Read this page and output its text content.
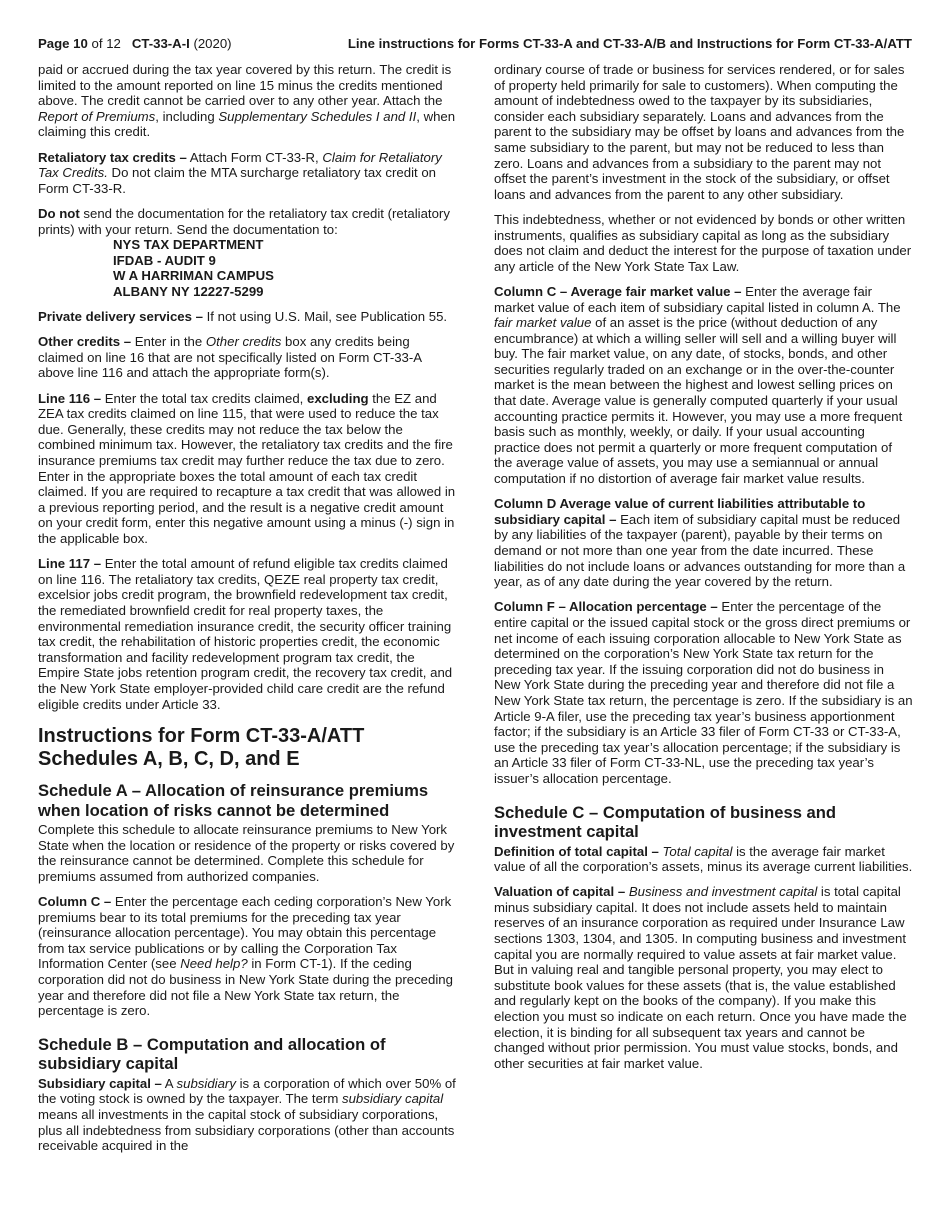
Page 10 of 12 CT-33-A-I (2020)	Line instructions for Forms CT-33-A and CT-33-A/B and Instructions for Form CT-33-A/ATT

paid or accrued during the tax year covered by this return. The credit is limited to the amount reported on line 15 minus the credits mentioned above. The credit cannot be carried over to any other year. Attach the Report of Premiums, including Supplementary Schedules I and II, when claiming this credit.

Retaliatory tax credits – Attach Form CT-33-R, Claim for Retaliatory Tax Credits. Do not claim the MTA surcharge retaliatory tax credit on Form CT-33-R.

Do not send the documentation for the retaliatory tax credit (retaliatory prints) with your return. Send the documentation to:

NYS TAX DEPARTMENT
IFDAB - AUDIT 9
W A HARRIMAN CAMPUS
ALBANY NY 12227-5299

Private delivery services – If not using U.S. Mail, see Publication 55.

Other credits – Enter in the Other credits box any credits being claimed on line 16 that are not specifically listed on Form CT-33-A above line 116 and attach the appropriate form(s).

Line 116 – Enter the total tax credits claimed, excluding the EZ and ZEA tax credits claimed on line 115, that were used to reduce the tax due. Generally, these credits may not reduce the tax below the combined minimum tax. However, the retaliatory tax credits and the fire insurance premiums tax credit may further reduce the tax due to zero. Enter in the appropriate boxes the total amount of each tax credit claimed. If you are required to recapture a tax credit that was allowed in a previous reporting period, and the result is a negative credit amount on your credit form, enter this negative amount using a minus (-) sign in the applicable box.

Line 117 – Enter the total amount of refund eligible tax credits claimed on line 116. The retaliatory tax credits, QEZE real property tax credit, excelsior jobs credit program, the brownfield redevelopment tax credit, the remediated brownfield credit for real property taxes, the environmental remediation insurance credit, the security officer training tax credit, the rehabilitation of historic properties credit, the economic transformation and facility redevelopment program tax credit, the Empire State jobs retention program credit, the recovery tax credit, and the New York State employer-provided child care credit are the refund eligible credits under Article 33.

Instructions for Form CT-33-A/ATT
Schedules A, B, C, D, and E
Schedule A – Allocation of reinsurance premiums when location of risks cannot be determined

Complete this schedule to allocate reinsurance premiums to New York State when the location or residence of the property or risks covered by the reinsurance cannot be determined. Complete this schedule for premiums assumed from authorized companies.

Column C – Enter the percentage each ceding corporation’s New York premiums bear to its total premiums for the preceding tax year (reinsurance allocation percentage). You may obtain this percentage from tax service publications or by calling the Corporation Tax Information Center (see Need help? in Form CT-1). If the ceding corporation did not do business in New York State during the preceding year and therefore did not file a New York State tax return, the percentage is zero.

Schedule B – Computation and allocation of subsidiary capital

Subsidiary capital – A subsidiary is a corporation of which over 50% of the voting stock is owned by the taxpayer. The term subsidiary capital means all investments in the capital stock of subsidiary corporations, plus all indebtedness from subsidiary corporations (other than accounts receivable acquired in the

ordinary course of trade or business for services rendered, or for sales of property held primarily for sale to customers). When computing the amount of indebtedness owed to the taxpayer by its subsidiaries, consider each subsidiary separately. Loans and advances from the parent to the subsidiary may be offset by loans and advances from the same subsidiary to the parent, but may not be reduced to less than zero. Loans and advances from a subsidiary to the parent may not offset the parent’s investment in the stock of the subsidiary, or offset loans and advances from the parent to any other subsidiary.

This indebtedness, whether or not evidenced by bonds or other written instruments, qualifies as subsidiary capital as long as the subsidiary does not claim and deduct the interest for the purpose of taxation under any article of the New York State Tax Law.

Column C – Average fair market value – Enter the average fair market value of each item of subsidiary capital listed in column A. The fair market value of an asset is the price (without deduction of any encumbrance) at which a willing seller will sell and a willing buyer will buy. The fair market value, on any date, of stocks, bonds, and other securities regularly traded on an exchange or in the over-the-counter market is the mean between the highest and lowest selling prices on that date. Average value is generally computed quarterly if your usual accounting practice permits it. However, you may use a more frequent basis such as monthly, weekly, or daily. If your usual accounting practice does not permit a quarterly or more frequent computation of the average value of assets, you may use a semiannual or annual computation if no distortion of average fair market value results.

Column D Average value of current liabilities attributable to subsidiary capital – Each item of subsidiary capital must be reduced by any liabilities of the taxpayer (parent), payable by their terms on demand or not more than one year from the date incurred. These liabilities do not include loans or advances outstanding for more than a year, as of any date during the year covered by the return.

Column F – Allocation percentage – Enter the percentage of the entire capital or the issued capital stock or the gross direct premiums or net income of each issuing corporation allocable to New York State as determined on the corporation’s New York State tax return for the preceding tax year. If the issuing corporation did not do business in New York State during the preceding year and therefore did not file a New York State tax return, the percentage is zero. If the subsidiary is an Article 9-A filer, use the preceding tax year’s business apportionment factor; if the subsidiary is an Article 33 filer of Form CT-33 or CT-33-A, use the preceding tax year’s allocation percentage; if the subsidiary is an Article 33 filer of Form CT-33-NL, use the preceding tax year’s issuer’s allocation percentage.

Schedule C – Computation of business and investment capital

Definition of total capital – Total capital is the average fair market value of all the corporation’s assets, minus its average current liabilities.

Valuation of capital – Business and investment capital is total capital minus subsidiary capital. It does not include assets held to maintain reserves of an insurance corporation as required under Insurance Law sections 1303, 1304, and 1305. In computing business and investment capital you are normally required to value assets at fair market value. But in valuing real and tangible personal property, you may elect to substitute book values for these assets (that is, the value established and regularly kept on the books of the company). If you make this election you must so indicate on each return. Once you have made the election, it is binding for all subsequent tax years and cannot be changed without prior permission. You must value stocks, bonds, and other securities at fair market value.
